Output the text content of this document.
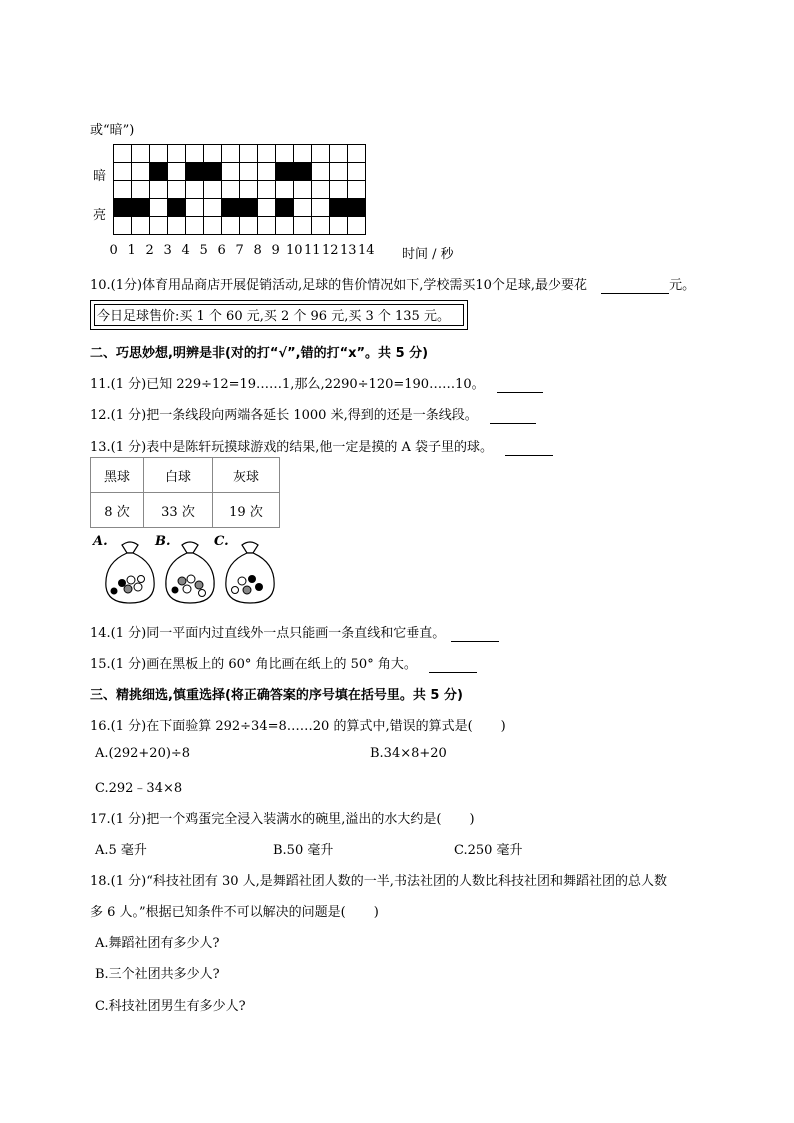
或“暗”)
暗
亮

0 1 2 3 4 5 6 7 8 9 10 11 12 13 14 时间 / 秒
10.(1分)体育用品商店开展促销活动,足球的售价情况如下,学校需买10个足球,最少要花	元。
今日足球售价:买 1 个 60 元,买 2 个 96 元,买 3 个 135 元。
二、巧思妙想,明辨是非(对的打“√”,错的打“x”。共 5 分)
11.(1 分)已知 229÷12=19……1,那么,2290÷120=190……10。
12.(1 分)把一条线段向两端各延长 1000 米,得到的还是一条线段。
13.(1 分)表中是陈轩玩摸球游戏的结果,他一定是摸的 A 袋子里的球。
黑球	白球	灰球
8 次	33 次	19 次
A.	B.	C.
14.(1 分)同一平面内过直线外一点只能画一条直线和它垂直。
15.(1 分)画在黑板上的 60° 角比画在纸上的 50° 角大。
三、精挑细选,慎重选择(将正确答案的序号填在括号里。共 5 分)
16.(1 分)在下面验算 292÷34=8……20 的算式中,错误的算式是( )
A.(292+20)÷8	B.34×8+20
C.292﹣34×8
17.(1 分)把一个鸡蛋完全浸入装满水的碗里,溢出的水大约是( )
A.5 毫升	B.50 毫升	C.250 毫升
18.(1 分)“科技社团有 30 人,是舞蹈社团人数的一半,书法社团的人数比科技社团和舞蹈社团的总人数
多 6 人。”根据已知条件不可以解决的问题是( )
A.舞蹈社团有多少人?
B.三个社团共多少人?
C.科技社团男生有多少人?
